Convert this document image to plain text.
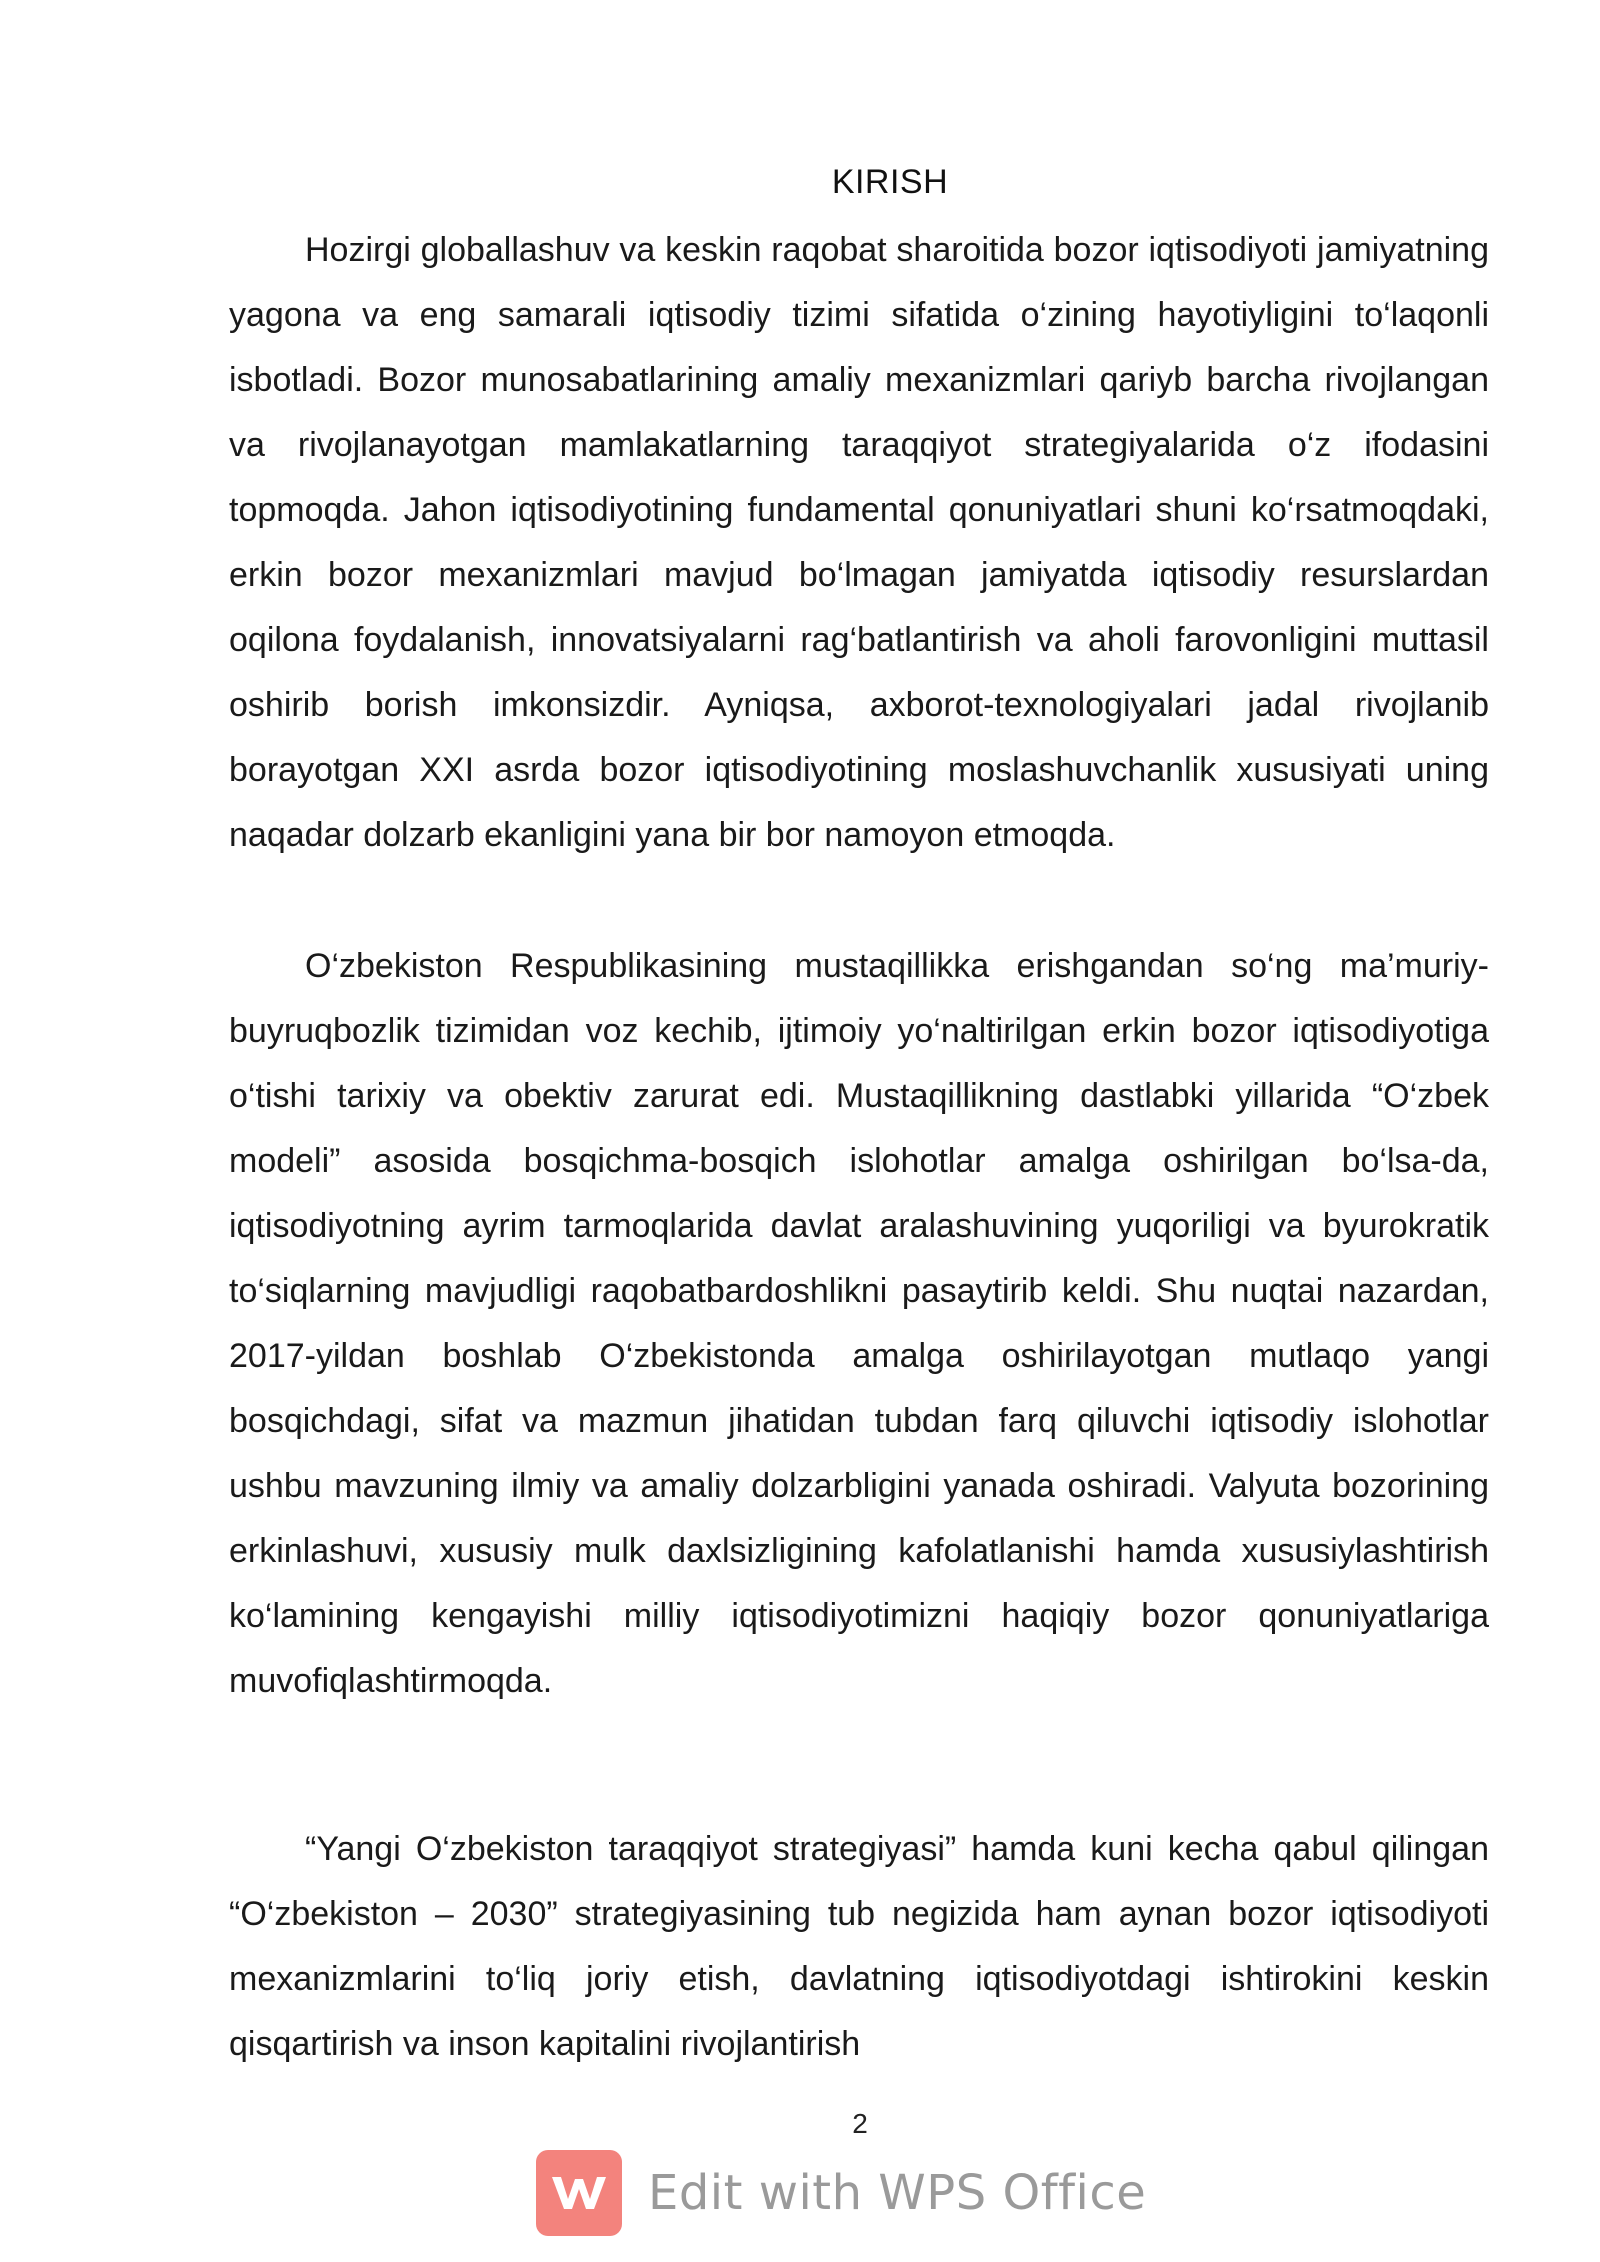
KIRISH

Hozirgi globallashuv va keskin raqobat sharoitida bozor iqtisodiyoti jamiyatning yagona va eng samarali iqtisodiy tizimi sifatida o‘zining hayotiyligini to‘laqonli isbotladi. Bozor munosabatlarining amaliy mexanizmlari qariyb barcha rivojlangan va rivojlanayotgan mamlakatlarning taraqqiyot strategiyalarida o‘z ifodasini topmoqda. Jahon iqtisodiyotining fundamental qonuniyatlari shuni ko‘rsatmoqdaki, erkin bozor mexanizmlari mavjud bo‘lmagan jamiyatda iqtisodiy resurslardan oqilona foydalanish, innovatsiyalarni rag‘batlantirish va aholi farovonligini muttasil oshirib borish imkonsizdir. Ayniqsa, axborot-texnologiyalari jadal rivojlanib borayotgan XXI asrda bozor iqtisodiyotining moslashuvchanlik xususiyati uning naqadar dolzarb ekanligini yana bir bor namoyon etmoqda.

O‘zbekiston Respublikasining mustaqillikka erishgandan so‘ng ma’muriy-buyruqbozlik tizimidan voz kechib, ijtimoiy yo‘naltirilgan erkin bozor iqtisodiyotiga o‘tishi tarixiy va obektiv zarurat edi. Mustaqillikning dastlabki yillarida “O‘zbek modeli” asosida bosqichma-bosqich islohotlar amalga oshirilgan bo‘lsa-da, iqtisodiyotning ayrim tarmoqlarida davlat aralashuvining yuqoriligi va byurokratik to‘siqlarning mavjudligi raqobatbardoshlikni pasaytirib keldi. Shu nuqtai nazardan, 2017-yildan boshlab O‘zbekistonda amalga oshirilayotgan mutlaqo yangi bosqichdagi, sifat va mazmun jihatidan tubdan farq qiluvchi iqtisodiy islohotlar ushbu mavzuning ilmiy va amaliy dolzarbligini yanada oshiradi. Valyuta bozorining erkinlashuvi, xususiy mulk daxlsizligining kafolatlanishi hamda xususiylashtirish ko‘lamining kengayishi milliy iqtisodiyotimizni haqiqiy bozor qonuniyatlariga muvofiqlashtirmoqda.

“Yangi O‘zbekiston taraqqiyot strategiyasi” hamda kuni kecha qabul qilingan “O‘zbekiston – 2030” strategiyasining tub negizida ham aynan bozor iqtisodiyoti mexanizmlarini to‘liq joriy etish, davlatning iqtisodiyotdagi ishtirokini keskin qisqartirish va inson kapitalini rivojlantirish

2
Edit with WPS Office
